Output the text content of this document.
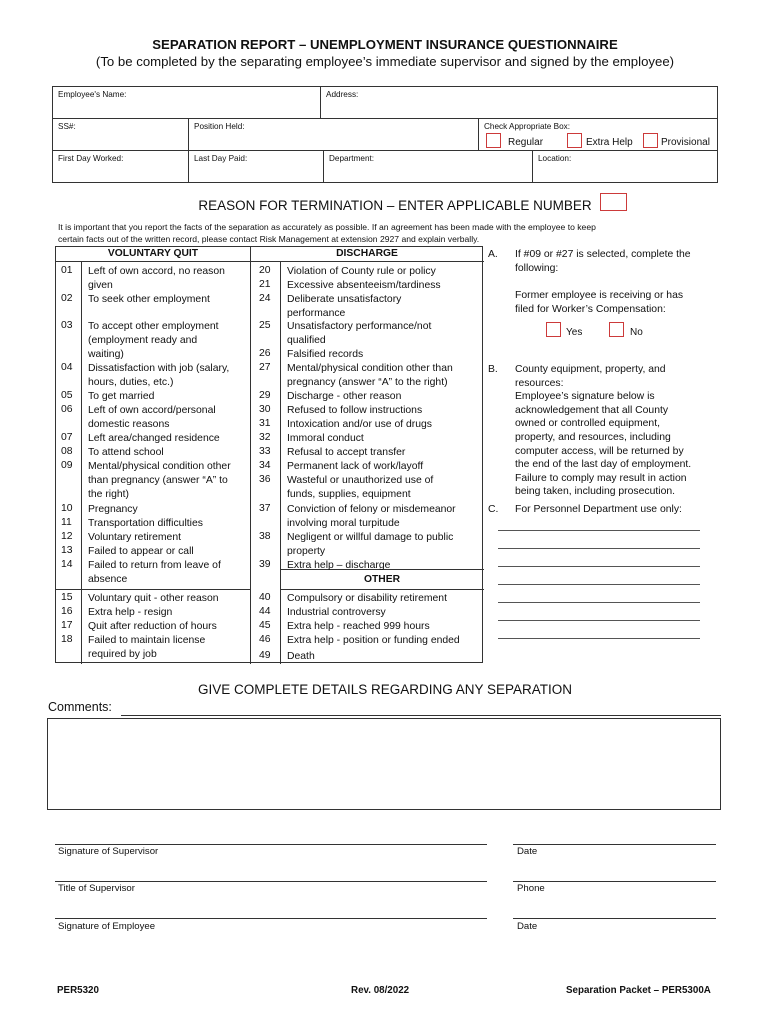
SEPARATION REPORT – UNEMPLOYMENT INSURANCE QUESTIONNAIRE
(To be completed by the separating employee’s immediate supervisor and signed by the employee)
Employee's Name:	Address:
SS#:	Position Held:	Check Appropriate Box:
Regular	Extra Help	Provisional
First Day Worked:	Last Day Paid:	Department:	Location:
REASON FOR TERMINATION – ENTER APPLICABLE NUMBER
It is important that you report the facts of the separation as accurately as possible. If an agreement has been made with the employee to keep
certain facts out of the written record, please contact Risk Management at extension 2927 and explain verbally.
VOLUNTARY QUIT	DISCHARGE
OTHER
01 Left of own accord, no reason
given
02 To seek other employment
03 To accept other employment
(employment ready and
waiting)
04 Dissatisfaction with job (salary,
hours, duties, etc.)
05 To get married
06 Left of own accord/personal
domestic reasons
07 Left area/changed residence
08 To attend school
09 Mental/physical condition other
than pregnancy (answer “A” to
the right)
10 Pregnancy
11 Transportation difficulties
12 Voluntary retirement
13 Failed to appear or call
14 Failed to return from leave of
absence
15 Voluntary quit - other reason
16 Extra help - resign
17 Quit after reduction of hours
18 Failed to maintain license
required by job
20 Violation of County rule or policy
21 Excessive absenteeism/tardiness
24 Deliberate unsatisfactory
performance
25 Unsatisfactory performance/not
qualified
26 Falsified records
27 Mental/physical condition other than
pregnancy (answer “A” to the right)
29 Discharge - other reason
30 Refused to follow instructions
31 Intoxication and/or use of drugs
32 Immoral conduct
33 Refusal to accept transfer
34 Permanent lack of work/layoff
36 Wasteful or unauthorized use of
funds, supplies, equipment
37 Conviction of felony or misdemeanor
involving moral turpitude
38 Negligent or willful damage to public
property
39 Extra help – discharge
40 Compulsory or disability retirement
44 Industrial controversy
45 Extra help - reached 999 hours
46 Extra help - position or funding ended
49 Death
A. If #09 or #27 is selected, complete the
following:
Former employee is receiving or has
filed for Worker’s Compensation:
Yes	No
B. County equipment, property, and
resources:
Employee’s signature below is
acknowledgement that all County
owned or controlled equipment,
property, and resources, including
computer access, will be returned by
the end of the last day of employment.
Failure to comply may result in action
being taken, including prosecution.
C. For Personnel Department use only:
GIVE COMPLETE DETAILS REGARDING ANY SEPARATION
Comments:
Signature of Supervisor	Date
Title of Supervisor	Phone
Signature of Employee	Date
PER5320	Rev. 08/2022	Separation Packet – PER5300A
